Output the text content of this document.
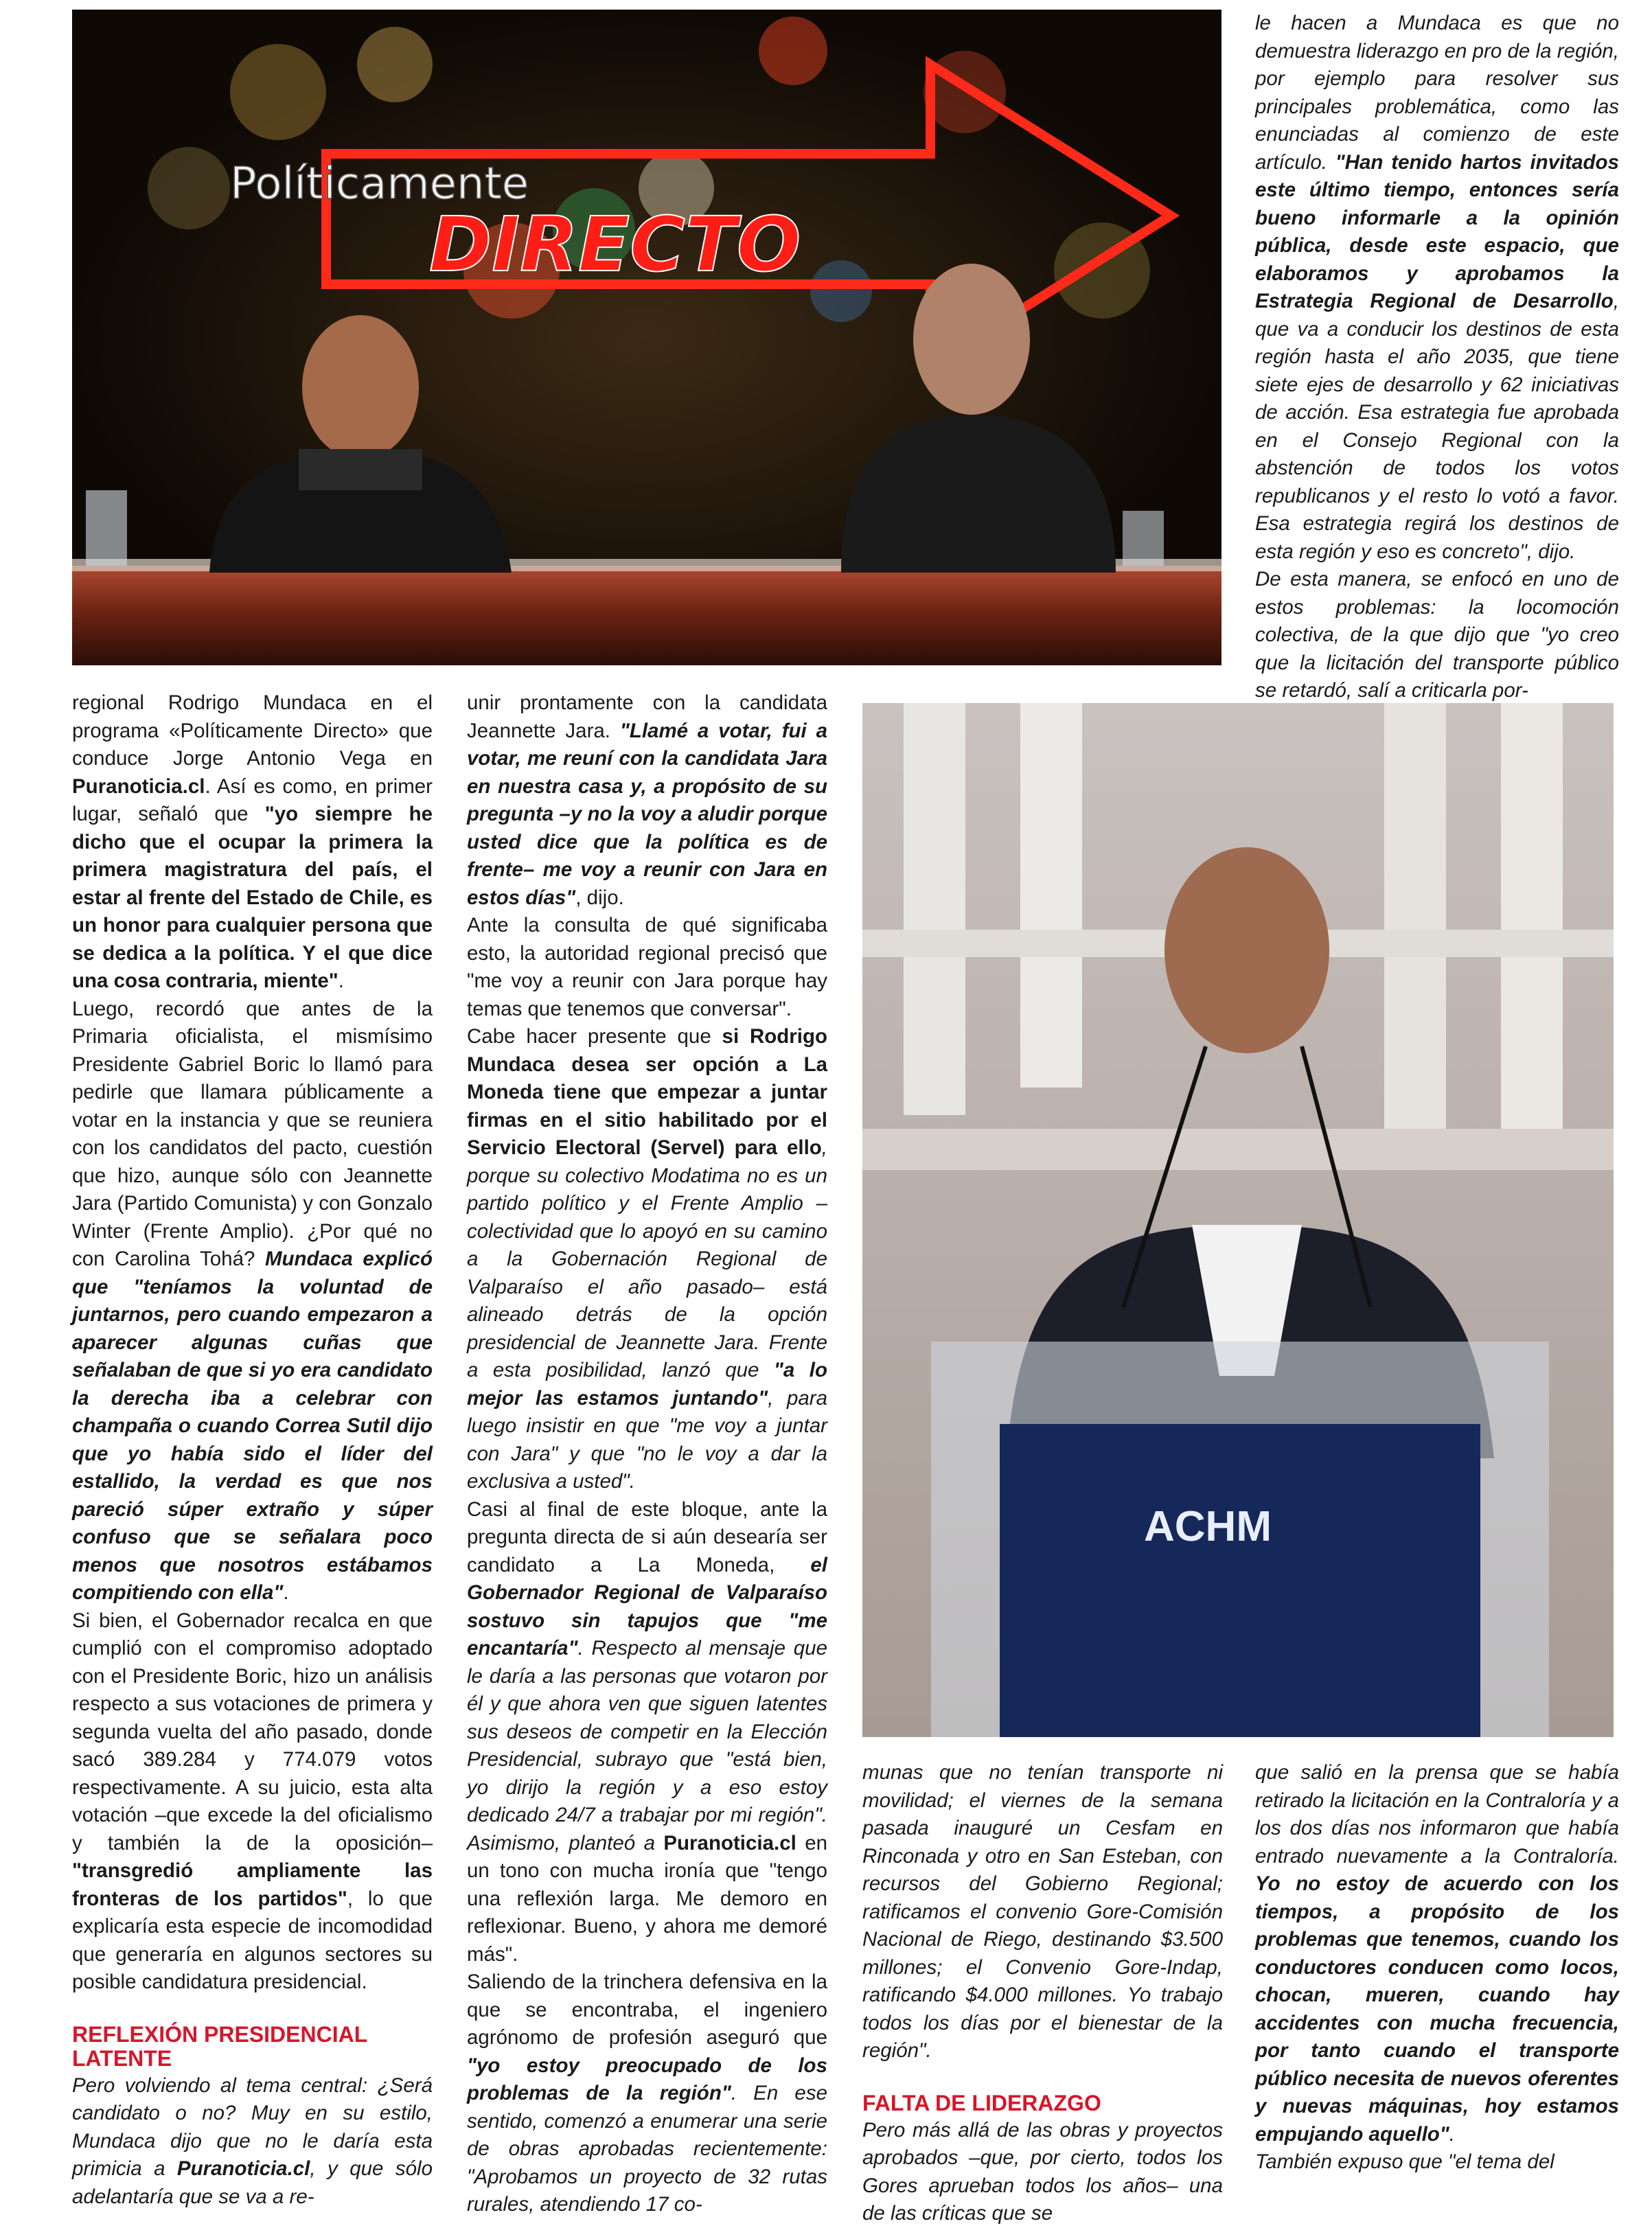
Políticamente
DIRECTO
ACHM

le hacen a Mundaca es que no demuestra liderazgo en pro de la región, por ejemplo para resolver sus principales problemática, como las enunciadas al comienzo de este artículo. "Han tenido hartos invitados este último tiempo, entonces sería bueno informarle a la opinión pública, desde este espacio, que elaboramos y aprobamos la Estrategia Regional de Desarrollo, que va a conducir los destinos de esta región hasta el año 2035, que tiene siete ejes de desarrollo y 62 iniciativas de acción. Esa estrategia fue aprobada en el Consejo Regional con la abstención de todos los votos republicanos y el resto lo votó a favor. Esa estrategia regirá los destinos de esta región y eso es concreto", dijo.

De esta manera, se enfocó en uno de estos problemas: la locomoción colectiva, de la que dijo que "yo creo que la licitación del transporte público se retardó, salí a criticarla por-

regional Rodrigo Mundaca en el programa «Políticamente Directo» que conduce Jorge Antonio Vega en Puranoticia.cl. Así es como, en primer lugar, señaló que "yo siempre he dicho que el ocupar la primera la primera magistratura del país, el estar al frente del Estado de Chile, es un honor para cualquier persona que se dedica a la política. Y el que dice una cosa contraria, miente".

Luego, recordó que antes de la Primaria oficialista, el mismísimo Presidente Gabriel Boric lo llamó para pedirle que llamara públicamente a votar en la instancia y que se reuniera con los candidatos del pacto, cuestión que hizo, aunque sólo con Jeannette Jara (Partido Comunista) y con Gonzalo Winter (Frente Amplio). ¿Por qué no con Carolina Tohá? Mundaca explicó que "teníamos la voluntad de juntarnos, pero cuando empezaron a aparecer algunas cuñas que señalaban de que si yo era candidato la derecha iba a celebrar con champaña o cuando Correa Sutil dijo que yo había sido el líder del estallido, la verdad es que nos pareció súper extraño y súper confuso que se señalara poco menos que nosotros estábamos compitiendo con ella".

Si bien, el Gobernador recalca en que cumplió con el compromiso adoptado con el Presidente Boric, hizo un análisis respecto a sus votaciones de primera y segunda vuelta del año pasado, donde sacó 389.284 y 774.079 votos respectivamente. A su juicio, esta alta votación –que excede la del oficialismo y también la de la oposición– "transgredió ampliamente las fronteras de los partidos", lo que explicaría esta especie de incomodidad que generaría en algunos sectores su posible candidatura presidencial.

REFLEXIÓN PRESIDENCIAL LATENTE

Pero volviendo al tema central: ¿Será candidato o no? Muy en su estilo, Mundaca dijo que no le daría esta primicia a Puranoticia.cl, y que sólo adelantaría que se va a re-

unir prontamente con la candidata Jeannette Jara. "Llamé a votar, fui a votar, me reuní con la candidata Jara en nuestra casa y, a propósito de su pregunta –y no la voy a aludir porque usted dice que la política es de frente– me voy a reunir con Jara en estos días", dijo.

Ante la consulta de qué significaba esto, la autoridad regional precisó que "me voy a reunir con Jara porque hay temas que tenemos que conversar".

Cabe hacer presente que si Rodrigo Mundaca desea ser opción a La Moneda tiene que empezar a juntar firmas en el sitio habilitado por el Servicio Electoral (Servel) para ello, porque su colectivo Modatima no es un partido político y el Frente Amplio –colectividad que lo apoyó en su camino a la Gobernación Regional de Valparaíso el año pasado– está alineado detrás de la opción presidencial de Jeannette Jara. Frente a esta posibilidad, lanzó que "a lo mejor las estamos juntando", para luego insistir en que "me voy a juntar con Jara" y que "no le voy a dar la exclusiva a usted".

Casi al final de este bloque, ante la pregunta directa de si aún desearía ser candidato a La Moneda, el Gobernador Regional de Valparaíso sostuvo sin tapujos que "me encantaría". Respecto al mensaje que le daría a las personas que votaron por él y que ahora ven que siguen latentes sus deseos de competir en la Elección Presidencial, subrayo que "está bien, yo dirijo la región y a eso estoy dedicado 24/7 a trabajar por mi región". Asimismo, planteó a Puranoticia.cl en un tono con mucha ironía que "tengo una reflexión larga. Me demoro en reflexionar. Bueno, y ahora me demoré más".

Saliendo de la trinchera defensiva en la que se encontraba, el ingeniero agrónomo de profesión aseguró que "yo estoy preocupado de los problemas de la región". En ese sentido, comenzó a enumerar una serie de obras aprobadas recientemente: "Aprobamos un proyecto de 32 rutas rurales, atendiendo 17 co-

munas que no tenían transporte ni movilidad; el viernes de la semana pasada inauguré un Cesfam en Rinconada y otro en San Esteban, con recursos del Gobierno Regional; ratificamos el convenio Gore-Comisión Nacional de Riego, destinando $3.500 millones; el Convenio Gore-Indap, ratificando $4.000 millones. Yo trabajo todos los días por el bienestar de la región".

FALTA DE LIDERAZGO

Pero más allá de las obras y proyectos aprobados –que, por cierto, todos los Gores aprueban todos los años– una de las críticas que se

que salió en la prensa que se había retirado la licitación en la Contraloría y a los dos días nos informaron que había entrado nuevamente a la Contraloría. Yo no estoy de acuerdo con los tiempos, a propósito de los problemas que tenemos, cuando los conductores conducen como locos, chocan, mueren, cuando hay accidentes con mucha frecuencia, por tanto cuando el transporte público necesita de nuevos oferentes y nuevas máquinas, hoy estamos empujando aquello".

También expuso que "el tema del
